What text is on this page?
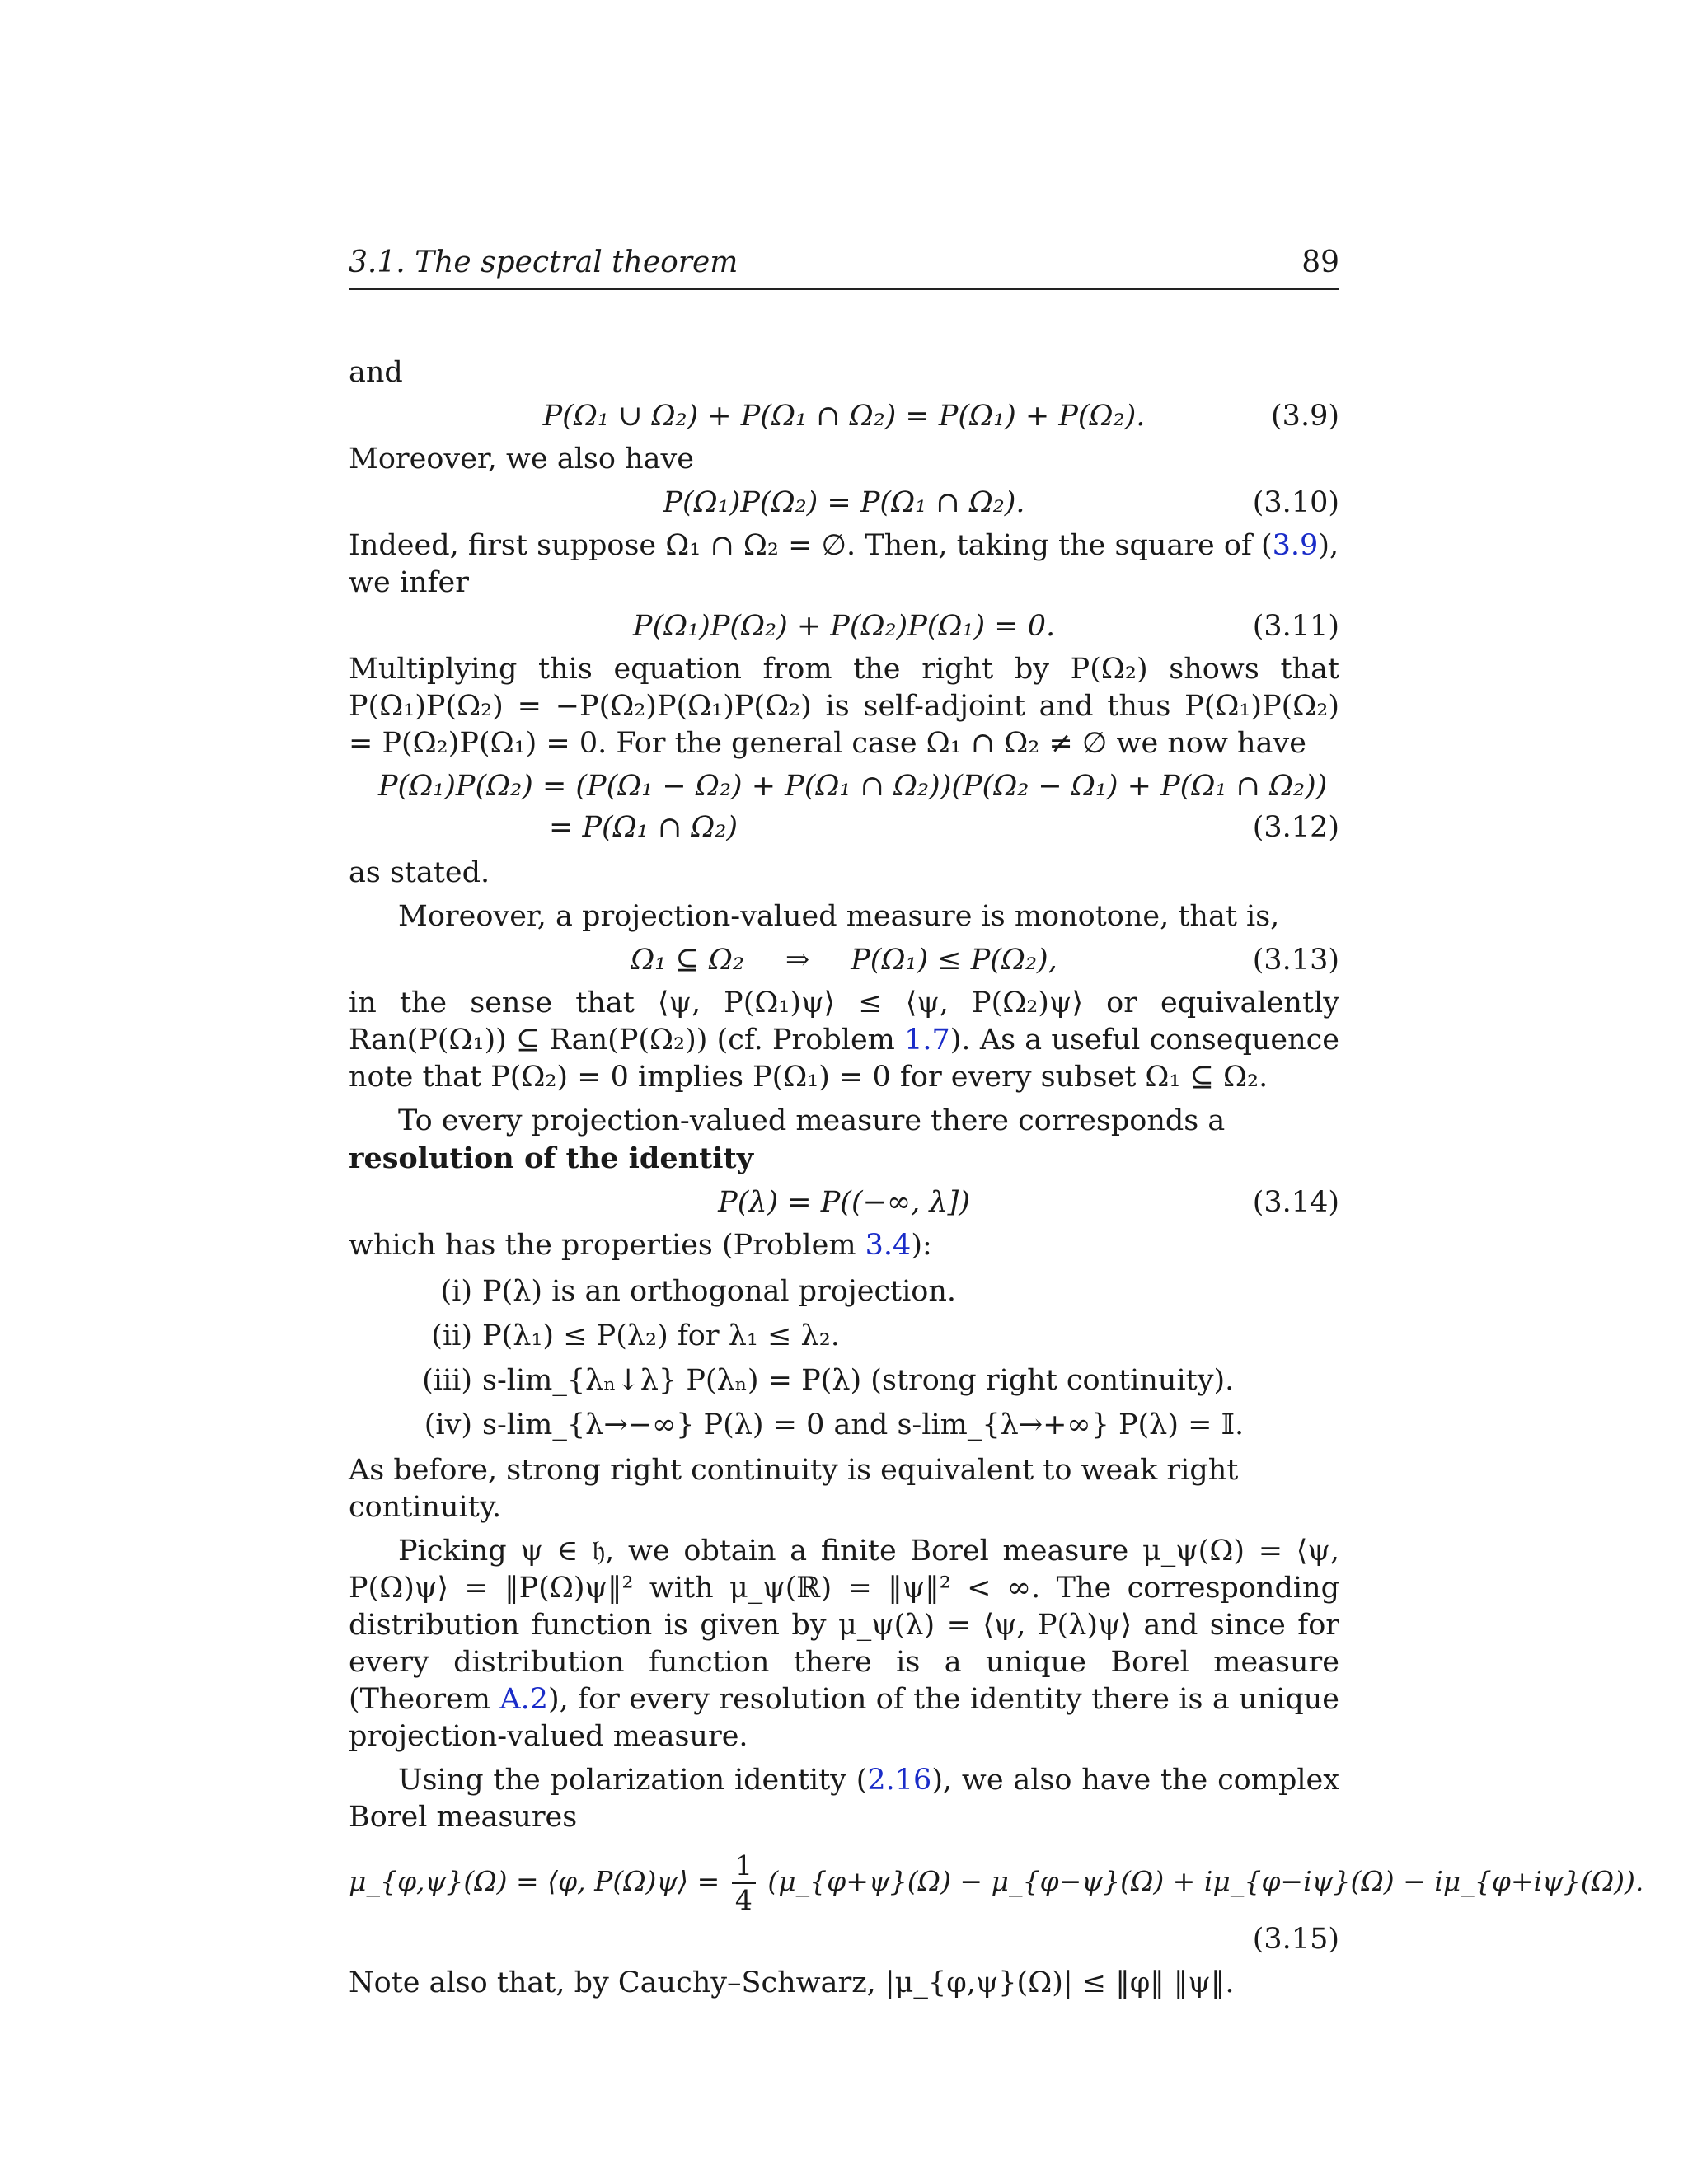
3.1. The spectral theorem	89

and

P(Ω₁ ∪ Ω₂) + P(Ω₁ ∩ Ω₂) = P(Ω₁) + P(Ω₂).	(3.9)

Moreover, we also have

P(Ω₁)P(Ω₂) = P(Ω₁ ∩ Ω₂).	(3.10)

Indeed, first suppose Ω₁ ∩ Ω₂ = ∅. Then, taking the square of (3.9), we infer

P(Ω₁)P(Ω₂) + P(Ω₂)P(Ω₁) = 0.	(3.11)

Multiplying this equation from the right by P(Ω₂) shows that P(Ω₁)P(Ω₂) = −P(Ω₂)P(Ω₁)P(Ω₂) is self-adjoint and thus P(Ω₁)P(Ω₂) = P(Ω₂)P(Ω₁) = 0. For the general case Ω₁ ∩ Ω₂ ≠ ∅ we now have

P(Ω₁)P(Ω₂) = (P(Ω₁ − Ω₂) + P(Ω₁ ∩ Ω₂))(P(Ω₂ − Ω₁) + P(Ω₁ ∩ Ω₂))
= P(Ω₁ ∩ Ω₂)	(3.12)

as stated.

Moreover, a projection-valued measure is monotone, that is,

Ω₁ ⊆ Ω₂ ⇒ P(Ω₁) ≤ P(Ω₂),	(3.13)

in the sense that ⟨ψ, P(Ω₁)ψ⟩ ≤ ⟨ψ, P(Ω₂)ψ⟩ or equivalently Ran(P(Ω₁)) ⊆ Ran(P(Ω₂)) (cf. Problem 1.7). As a useful consequence note that P(Ω₂) = 0 implies P(Ω₁) = 0 for every subset Ω₁ ⊆ Ω₂.

To every projection-valued measure there corresponds a resolution of the identity

P(λ) = P((−∞, λ])	(3.14)

which has the properties (Problem 3.4):

(i) P(λ) is an orthogonal projection.
(ii) P(λ₁) ≤ P(λ₂) for λ₁ ≤ λ₂.
(iii) s-lim_{λₙ↓λ} P(λₙ) = P(λ) (strong right continuity).
(iv) s-lim_{λ→−∞} P(λ) = 0 and s-lim_{λ→+∞} P(λ) = 𝕀.

As before, strong right continuity is equivalent to weak right continuity.

Picking ψ ∈ 𝔥, we obtain a finite Borel measure μ_ψ(Ω) = ⟨ψ, P(Ω)ψ⟩ = ‖P(Ω)ψ‖² with μ_ψ(ℝ) = ‖ψ‖² < ∞. The corresponding distribution function is given by μ_ψ(λ) = ⟨ψ, P(λ)ψ⟩ and since for every distribution function there is a unique Borel measure (Theorem A.2), for every resolution of the identity there is a unique projection-valued measure.

Using the polarization identity (2.16), we also have the complex Borel measures

μ_{φ,ψ}(Ω) = ⟨φ, P(Ω)ψ⟩ = $\frac{1}{4}$ (μ_{φ+ψ}(Ω) − μ_{φ−ψ}(Ω) + iμ_{φ−iψ}(Ω) − iμ_{φ+iψ}(Ω)).
(3.15)

Note also that, by Cauchy–Schwarz, |μ_{φ,ψ}(Ω)| ≤ ‖φ‖ ‖ψ‖.
